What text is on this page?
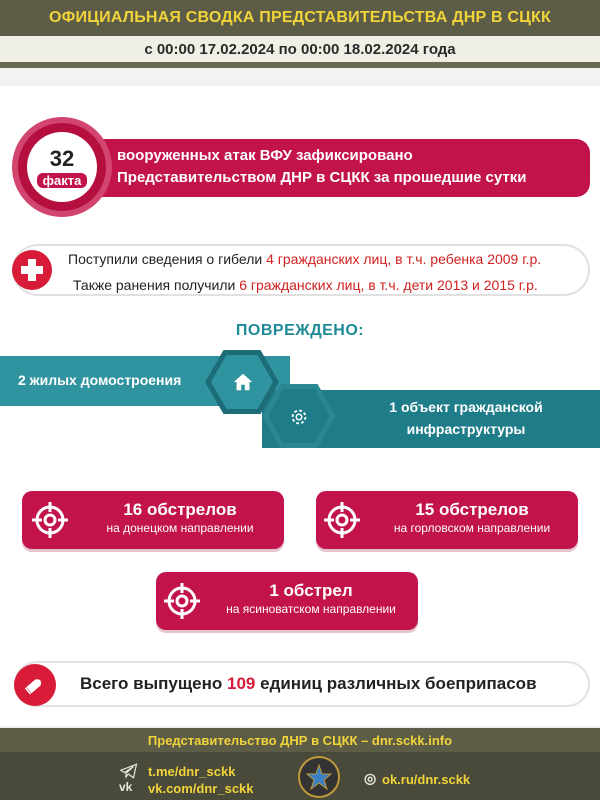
ОФИЦИАЛЬНАЯ СВОДКА ПРЕДСТАВИТЕЛЬСТВА ДНР В СЦКК
с 00:00 17.02.2024 по 00:00 18.02.2024 года
вооруженных атак ВФУ зафиксировано
Представительством ДНР в СЦКК за прошедшие сутки
32
факта
Поступили сведения о гибели 4 гражданских лиц, в т.ч. ребенка 2009 г.р.
Также ранения получили 6 гражданских лиц, в т.ч. дети 2013 и 2015 г.р.
ПОВРЕЖДЕНО:
2 жилых домостроения
1 объект гражданской
инфраструктуры
16 обстрелов
на донецком направлении
15 обстрелов
на горловском направлении
1 обстрел
на ясиноватском направлении
Всего выпущено 109 единиц различных боеприпасов
Представительство ДНР в СЦКК – dnr.sckk.info
t.me/dnr_sckk
vk	vk.com/dnr_sckk
◎ ok.ru/dnr.sckk
